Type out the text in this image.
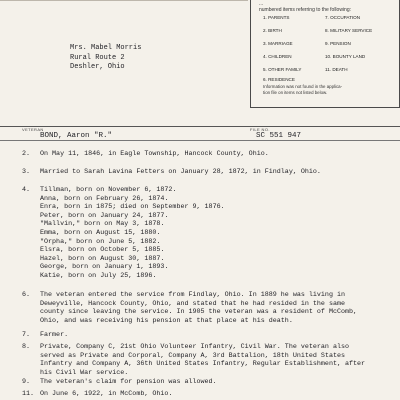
Mrs. Mabel Morris
Rural Route 2
Deshler, Ohio
...
numbered items referring to the following:
1. PARENTS	7. OCCUPATION
2. BIRTH	8. MILITARY SERVICE
3. MARRIAGE	9. PENSION
4. CHILDREN	10. BOUNTY LAND
5. OTHER FAMILY	11. DEATH
6. RESIDENCE
Information was not found in the applica-
tion file on items not listed below.
VETERAN	FILE NO.
BOND, Aaron "R."	SC 551 947
2. On May 11, 1846, in Eagle Township, Hancock County, Ohio.
3. Married to Sarah Lavina Fetters on January 28, 1872, in Findlay, Ohio.
4. Tillman, born on November 6, 1872.
Anna, born on February 26, 1874.
Enra, born in 1875; died on September 9, 1876.
Peter, born on January 24, 1877.
"Mallvin," born on May 3, 1878.
Emma, born on August 15, 1880.
"Orpha," born on June 5, 1882.
Elsra, born on October 5, 1885.
Hazel, born on August 30, 1887.
George, born on January 1, 1893.
Katie, born on July 25, 1896.
6. The veteran entered the service from Findlay, Ohio. In 1889 he was living in
Deweyville, Hancock County, Ohio, and stated that he had resided in the same
county since leaving the service. In 1905 the veteran was a resident of McComb,
Ohio, and was receiving his pension at that place at his death.
7. Farmer.
8. Private, Company C, 21st Ohio Volunteer Infantry, Civil War. The veteran also
served as Private and Corporal, Company A, 3rd Battalion, 18th United States
Infantry and Company A, 36th United States Infantry, Regular Establishment, after
his Civil War service.
9. The veteran's claim for pension was allowed.
11. On June 6, 1922, in McComb, Ohio.
